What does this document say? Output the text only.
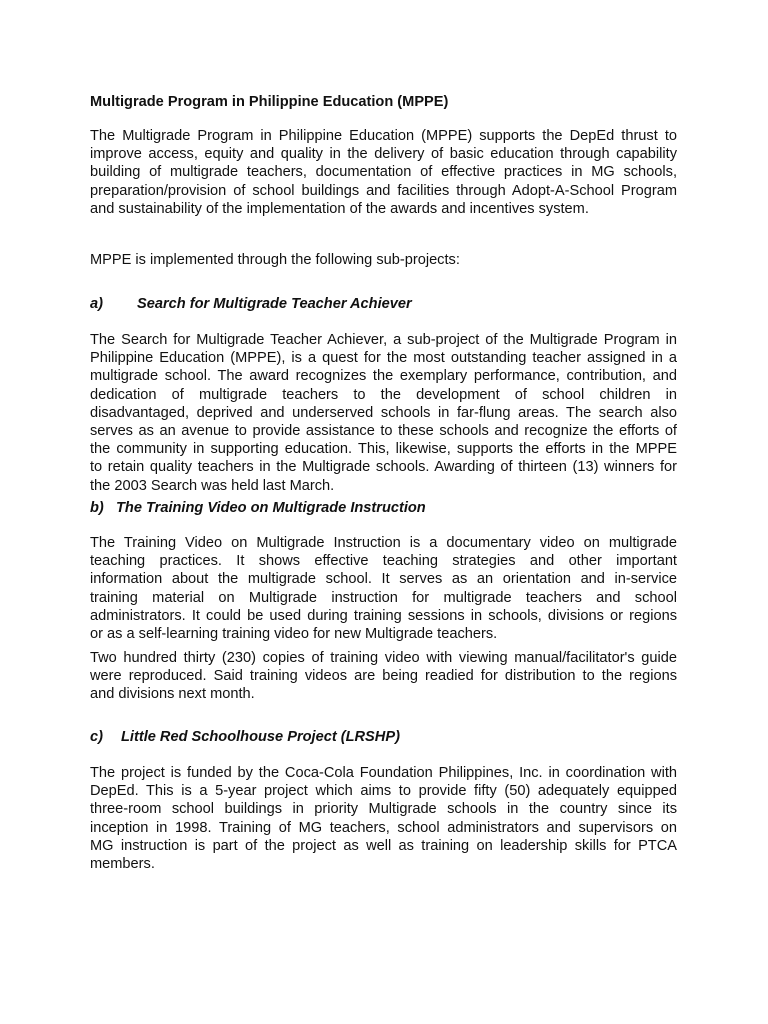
Multigrade Program in Philippine Education (MPPE)
The Multigrade Program in Philippine Education (MPPE) supports the DepEd thrust to
improve access, equity and quality in the delivery of basic education through capability
building of multigrade teachers, documentation of effective practices in MG schools,
preparation/provision of school buildings and facilities through Adopt-A-School Program
and sustainability of the implementation of the awards and incentives system.
MPPE is implemented through the following sub-projects:
a) Search for Multigrade Teacher Achiever
The Search for Multigrade Teacher Achiever, a sub-project of the Multigrade Program in
Philippine Education (MPPE), is a quest for the most outstanding teacher assigned in a
multigrade school. The award recognizes the exemplary performance, contribution, and
dedication of multigrade teachers to the development of school children in
disadvantaged, deprived and underserved schools in far-flung areas. The search also
serves as an avenue to provide assistance to these schools and recognize the efforts of
the community in supporting education. This, likewise, supports the efforts in the MPPE
to retain quality teachers in the Multigrade schools. Awarding of thirteen (13) winners for
the 2003 Search was held last March.
b) The Training Video on Multigrade Instruction
The Training Video on Multigrade Instruction is a documentary video on multigrade
teaching practices. It shows effective teaching strategies and other important
information about the multigrade school. It serves as an orientation and in-service
training material on Multigrade instruction for multigrade teachers and school
administrators. It could be used during training sessions in schools, divisions or regions
or as a self-learning training video for new Multigrade teachers.
Two hundred thirty (230) copies of training video with viewing manual/facilitator's guide
were reproduced. Said training videos are being readied for distribution to the regions
and divisions next month.
c) Little Red Schoolhouse Project (LRSHP)
The project is funded by the Coca-Cola Foundation Philippines, Inc. in coordination with
DepEd. This is a 5-year project which aims to provide fifty (50) adequately equipped
three-room school buildings in priority Multigrade schools in the country since its
inception in 1998. Training of MG teachers, school administrators and supervisors on
MG instruction is part of the project as well as training on leadership skills for PTCA
members.
